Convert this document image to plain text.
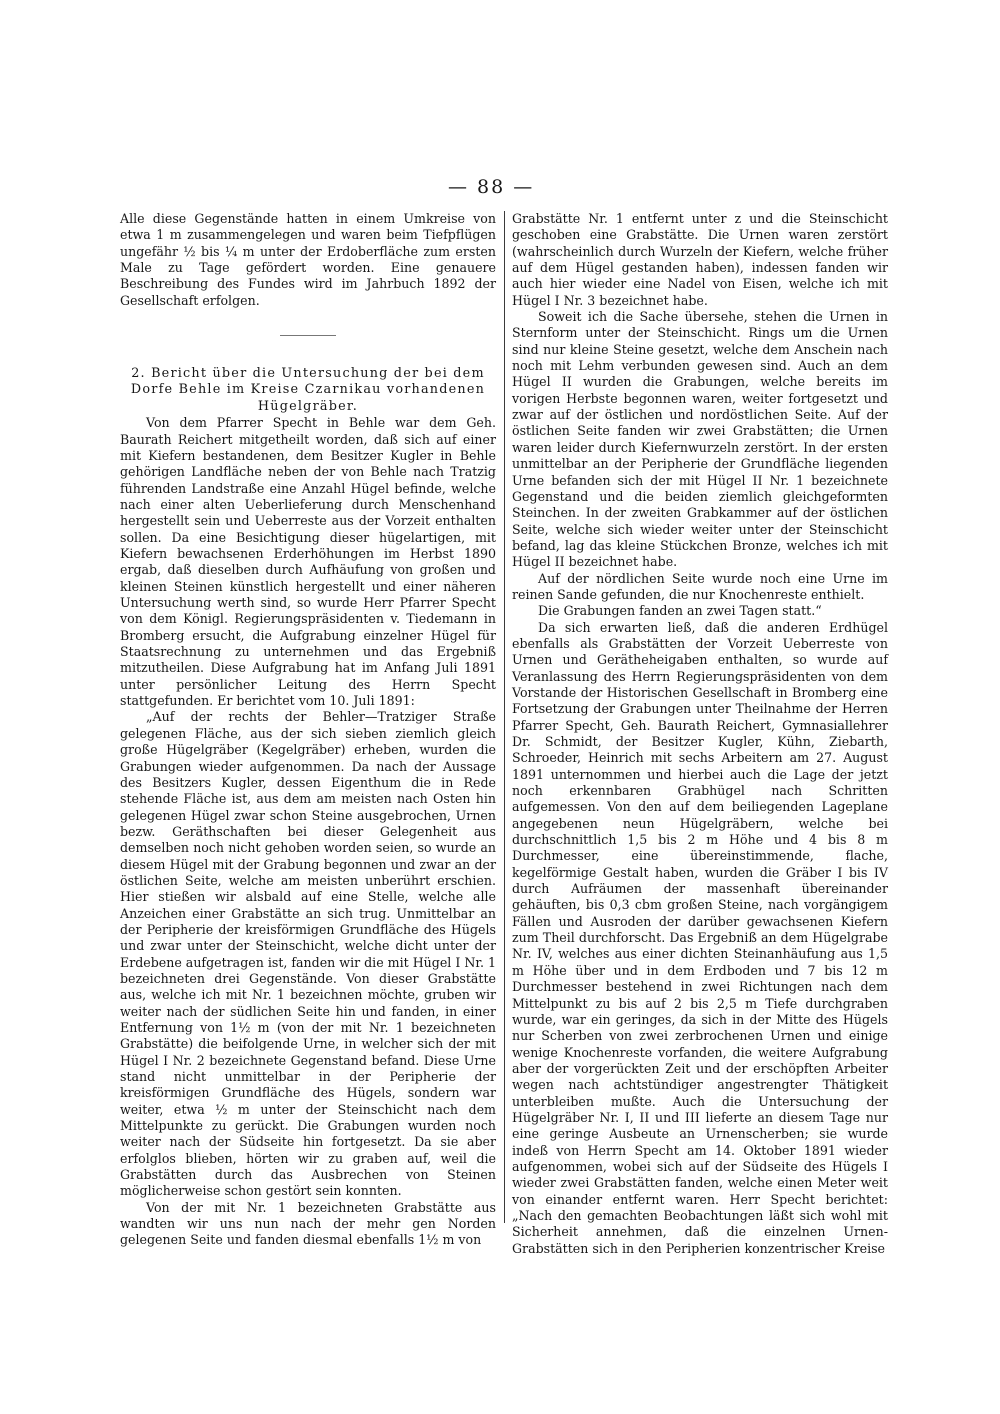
— 88 —

Alle diese Gegenstände hatten in einem Umkreise von etwa 1 m zusammengelegen und waren beim Tiefpflügen ungefähr ½ bis ¼ m unter der Erdoberfläche zum ersten Male zu Tage gefördert worden. Eine genauere Beschreibung des Fundes wird im Jahrbuch 1892 der Gesellschaft erfolgen.

2. Bericht über die Untersuchung der bei dem Dorfe Behle im Kreise Czarnikau vorhandenen Hügelgräber.

Von dem Pfarrer Specht in Behle war dem Geh. Baurath Reichert mitgetheilt worden, daß sich auf einer mit Kiefern bestandenen, dem Besitzer Kugler in Behle gehörigen Landfläche neben der von Behle nach Tratzig führenden Landstraße eine Anzahl Hügel befinde, welche nach einer alten Ueberlieferung durch Menschenhand hergestellt sein und Ueberreste aus der Vorzeit enthalten sollen. Da eine Besichtigung dieser hügelartigen, mit Kiefern bewachsenen Erderhöhungen im Herbst 1890 ergab, daß dieselben durch Aufhäufung von großen und kleinen Steinen künstlich hergestellt und einer näheren Untersuchung werth sind, so wurde Herr Pfarrer Specht von dem Königl. Regierungspräsidenten v. Tiedemann in Bromberg ersucht, die Aufgrabung einzelner Hügel für Staatsrechnung zu unternehmen und das Ergebniß mitzutheilen. Diese Aufgrabung hat im Anfang Juli 1891 unter persönlicher Leitung des Herrn Specht stattgefunden. Er berichtet vom 10. Juli 1891:

„Auf der rechts der Behler—Tratziger Straße gelegenen Fläche, aus der sich sieben ziemlich gleich große Hügelgräber (Kegelgräber) erheben, wurden die Grabungen wieder aufgenommen. Da nach der Aussage des Besitzers Kugler, dessen Eigenthum die in Rede stehende Fläche ist, aus dem am meisten nach Osten hin gelegenen Hügel zwar schon Steine ausgebrochen, Urnen bezw. Geräthschaften bei dieser Gelegenheit aus demselben noch nicht gehoben worden seien, so wurde an diesem Hügel mit der Grabung begonnen und zwar an der östlichen Seite, welche am meisten unberührt erschien. Hier stießen wir alsbald auf eine Stelle, welche alle Anzeichen einer Grabstätte an sich trug. Unmittelbar an der Peripherie der kreisförmigen Grundfläche des Hügels und zwar unter der Steinschicht, welche dicht unter der Erdebene aufgetragen ist, fanden wir die mit Hügel I Nr. 1 bezeichneten drei Gegenstände. Von dieser Grabstätte aus, welche ich mit Nr. 1 bezeichnen möchte, gruben wir weiter nach der südlichen Seite hin und fanden, in einer Entfernung von 1½ m (von der mit Nr. 1 bezeichneten Grabstätte) die beifolgende Urne, in welcher sich der mit Hügel I Nr. 2 bezeichnete Gegenstand befand. Diese Urne stand nicht unmittelbar in der Peripherie der kreisförmigen Grundfläche des Hügels, sondern war weiter, etwa ½ m unter der Steinschicht nach dem Mittelpunkte zu gerückt. Die Grabungen wurden noch weiter nach der Südseite hin fortgesetzt. Da sie aber erfolglos blieben, hörten wir zu graben auf, weil die Grabstätten durch das Ausbrechen von Steinen möglicherweise schon gestört sein konnten.

Von der mit Nr. 1 bezeichneten Grabstätte aus wandten wir uns nun nach der mehr gen Norden gelegenen Seite und fanden diesmal ebenfalls 1½ m von

Grabstätte Nr. 1 entfernt unter z und die Steinschicht geschoben eine Grabstätte. Die Urnen waren zerstört (wahrscheinlich durch Wurzeln der Kiefern, welche früher auf dem Hügel gestanden haben), indessen fanden wir auch hier wieder eine Nadel von Eisen, welche ich mit Hügel I Nr. 3 bezeichnet habe.

Soweit ich die Sache übersehe, stehen die Urnen in Sternform unter der Steinschicht. Rings um die Urnen sind nur kleine Steine gesetzt, welche dem Anschein nach noch mit Lehm verbunden gewesen sind. Auch an dem Hügel II wurden die Grabungen, welche bereits im vorigen Herbste begonnen waren, weiter fortgesetzt und zwar auf der östlichen und nordöstlichen Seite. Auf der östlichen Seite fanden wir zwei Grabstätten; die Urnen waren leider durch Kiefernwurzeln zerstört. In der ersten unmittelbar an der Peripherie der Grundfläche liegenden Urne befanden sich der mit Hügel II Nr. 1 bezeichnete Gegenstand und die beiden ziemlich gleichgeformten Steinchen. In der zweiten Grabkammer auf der östlichen Seite, welche sich wieder weiter unter der Steinschicht befand, lag das kleine Stückchen Bronze, welches ich mit Hügel II bezeichnet habe.

Auf der nördlichen Seite wurde noch eine Urne im reinen Sande gefunden, die nur Knochenreste enthielt.

Die Grabungen fanden an zwei Tagen statt.“

Da sich erwarten ließ, daß die anderen Erdhügel ebenfalls als Grabstätten der Vorzeit Ueberreste von Urnen und Gerätheheigaben enthalten, so wurde auf Veranlassung des Herrn Regierungspräsidenten von dem Vorstande der Historischen Gesellschaft in Bromberg eine Fortsetzung der Grabungen unter Theilnahme der Herren Pfarrer Specht, Geh. Baurath Reichert, Gymnasiallehrer Dr. Schmidt, der Besitzer Kugler, Kühn, Ziebarth, Schroeder, Heinrich mit sechs Arbeitern am 27. August 1891 unternommen und hierbei auch die Lage der jetzt noch erkennbaren Grabhügel nach Schritten aufgemessen. Von den auf dem beiliegenden Lageplane angegebenen neun Hügelgräbern, welche bei durchschnittlich 1,5 bis 2 m Höhe und 4 bis 8 m Durchmesser, eine übereinstimmende, flache, kegelförmige Gestalt haben, wurden die Gräber I bis IV durch Aufräumen der massenhaft übereinander gehäuften, bis 0,3 cbm großen Steine, nach vorgängigem Fällen und Ausroden der darüber gewachsenen Kiefern zum Theil durchforscht. Das Ergebniß an dem Hügelgrabe Nr. IV, welches aus einer dichten Steinanhäufung aus 1,5 m Höhe über und in dem Erdboden und 7 bis 12 m Durchmesser bestehend in zwei Richtungen nach dem Mittelpunkt zu bis auf 2 bis 2,5 m Tiefe durchgraben wurde, war ein geringes, da sich in der Mitte des Hügels nur Scherben von zwei zerbrochenen Urnen und einige wenige Knochenreste vorfanden, die weitere Aufgrabung aber der vorgerückten Zeit und der erschöpften Arbeiter wegen nach achtstündiger angestrengter Thätigkeit unterbleiben mußte. Auch die Untersuchung der Hügelgräber Nr. I, II und III lieferte an diesem Tage nur eine geringe Ausbeute an Urnenscherben; sie wurde indeß von Herrn Specht am 14. Oktober 1891 wieder aufgenommen, wobei sich auf der Südseite des Hügels I wieder zwei Grabstätten fanden, welche einen Meter weit von einander entfernt waren. Herr Specht berichtet: „Nach den gemachten Beobachtungen läßt sich wohl mit Sicherheit annehmen, daß die einzelnen Urnen-Grabstätten sich in den Peripherien konzentrischer Kreise
